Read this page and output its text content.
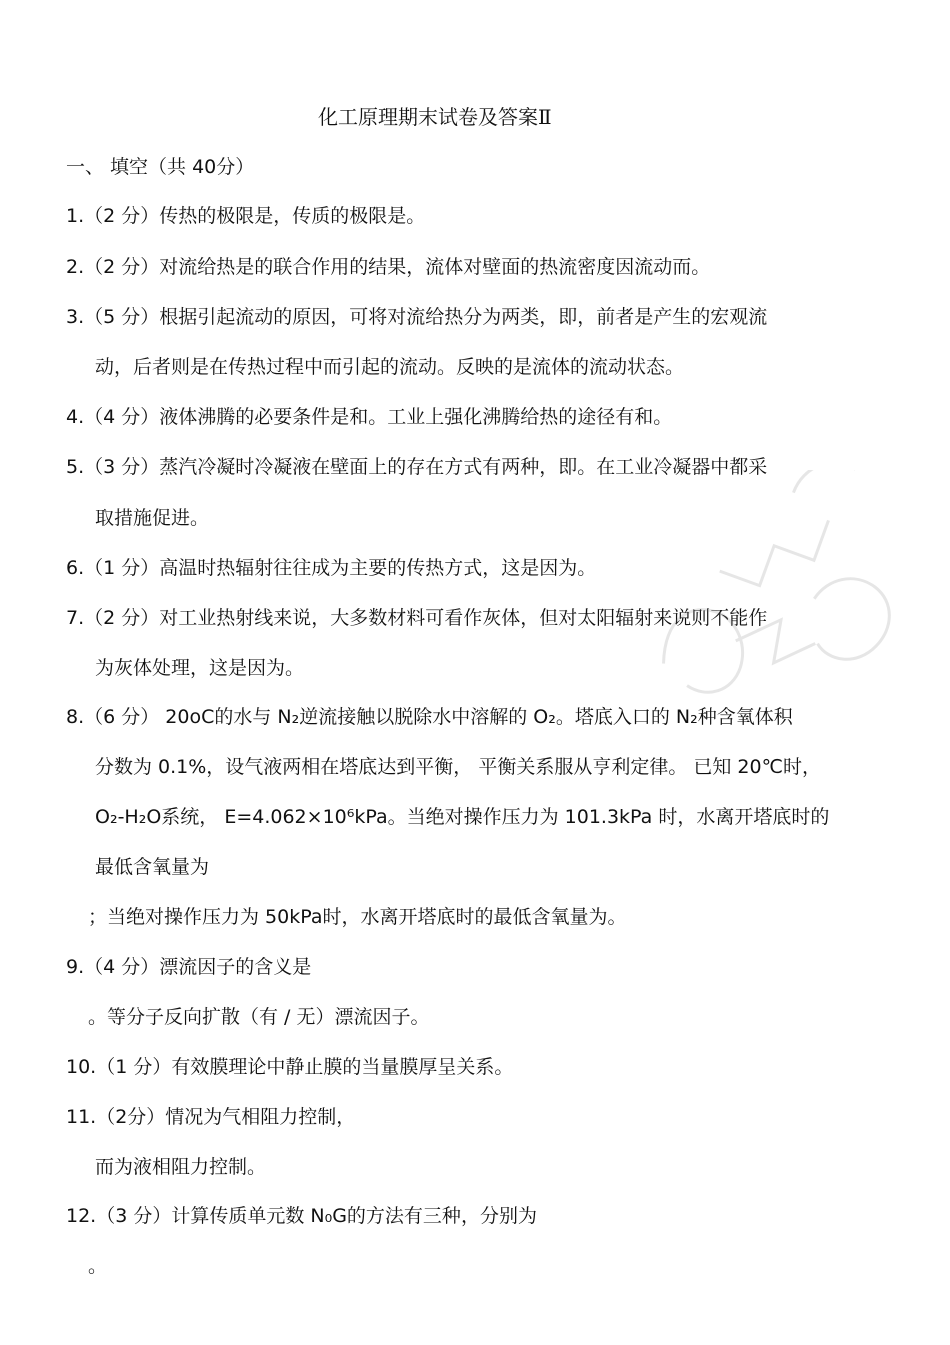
化工原理期末试卷及答案Ⅱ
一、 填空（共 40分）
1.（2 分）传热的极限是，传质的极限是。
2.（2 分）对流给热是的联合作用的结果，流体对壁面的热流密度因流动而。
3.（5 分）根据引起流动的原因，可将对流给热分为两类，即，前者是产生的宏观流
动，后者则是在传热过程中而引起的流动。反映的是流体的流动状态。
4.（4 分）液体沸腾的必要条件是和。工业上强化沸腾给热的途径有和。
5.（3 分）蒸汽冷凝时冷凝液在壁面上的存在方式有两种，即。在工业冷凝器中都采
取措施促进。
6.（1 分）高温时热辐射往往成为主要的传热方式，这是因为。
7.（2 分）对工业热射线来说，大多数材料可看作灰体，但对太阳辐射来说则不能作
为灰体处理，这是因为。
8.（6 分） 20oC的水与 N₂逆流接触以脱除水中溶解的 O₂。塔底入口的 N₂种含氧体积
分数为 0.1%，设气液两相在塔底达到平衡， 平衡关系服从亨利定律。 已知 20℃时，
O₂-H₂O系统， E=4.062×10⁶kPa。当绝对操作压力为 101.3kPa 时，水离开塔底时的
最低含氧量为
；当绝对操作压力为 50kPa时，水离开塔底时的最低含氧量为。
9.（4 分）漂流因子的含义是
。等分子反向扩散（有 / 无）漂流因子。
10.（1 分）有效膜理论中静止膜的当量膜厚呈关系。
11.（2分）情况为气相阻力控制，
而为液相阻力控制。
12.（3 分）计算传质单元数 N₀G的方法有三种，分别为
。
